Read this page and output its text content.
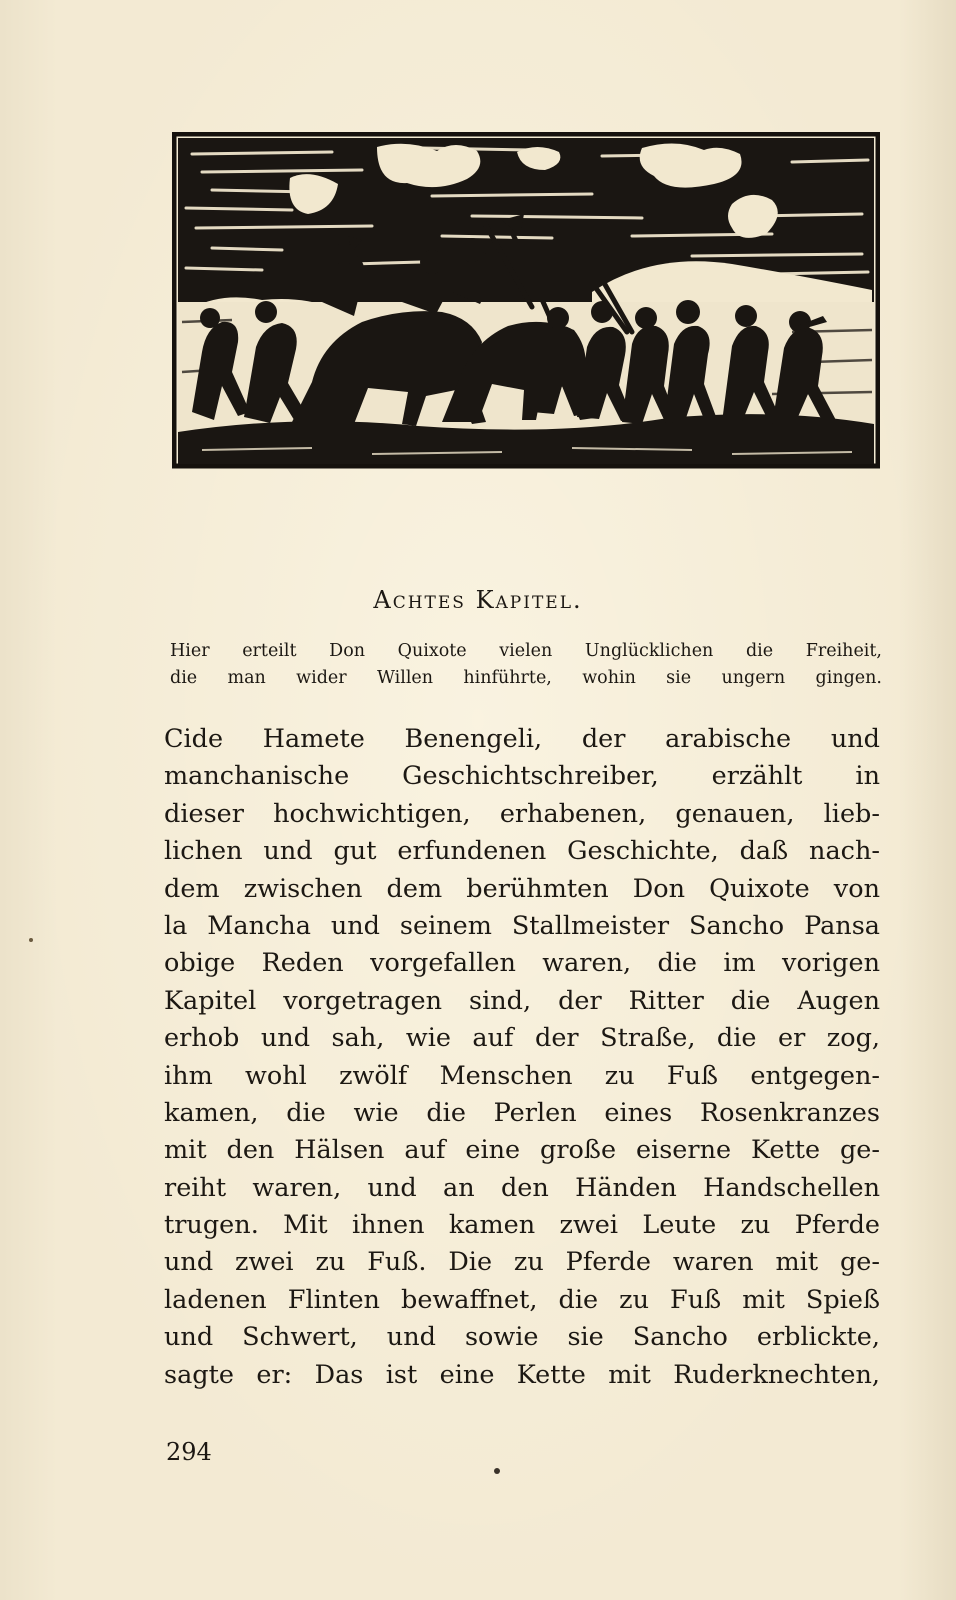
Achtes Kapitel.
Hier erteilt Don Quixote vielen Unglücklichen die Freiheit,
die man wider Willen hinführte, wohin sie ungern gingen.
Cide Hamete Benengeli, der arabische und
manchanische Geschichtschreiber, erzählt in
dieser hochwichtigen, erhabenen, genauen, lieb-
lichen und gut erfundenen Geschichte, daß nach-
dem zwischen dem berühmten Don Quixote von
la Mancha und seinem Stallmeister Sancho Pansa
obige Reden vorgefallen waren, die im vorigen
Kapitel vorgetragen sind, der Ritter die Augen
erhob und sah, wie auf der Straße, die er zog,
ihm wohl zwölf Menschen zu Fuß entgegen-
kamen, die wie die Perlen eines Rosenkranzes
mit den Hälsen auf eine große eiserne Kette ge-
reiht waren, und an den Händen Handschellen
trugen. Mit ihnen kamen zwei Leute zu Pferde
und zwei zu Fuß. Die zu Pferde waren mit ge-
ladenen Flinten bewaffnet, die zu Fuß mit Spieß
und Schwert, und sowie sie Sancho erblickte,
sagte er: Das ist eine Kette mit Ruderknechten,
294
